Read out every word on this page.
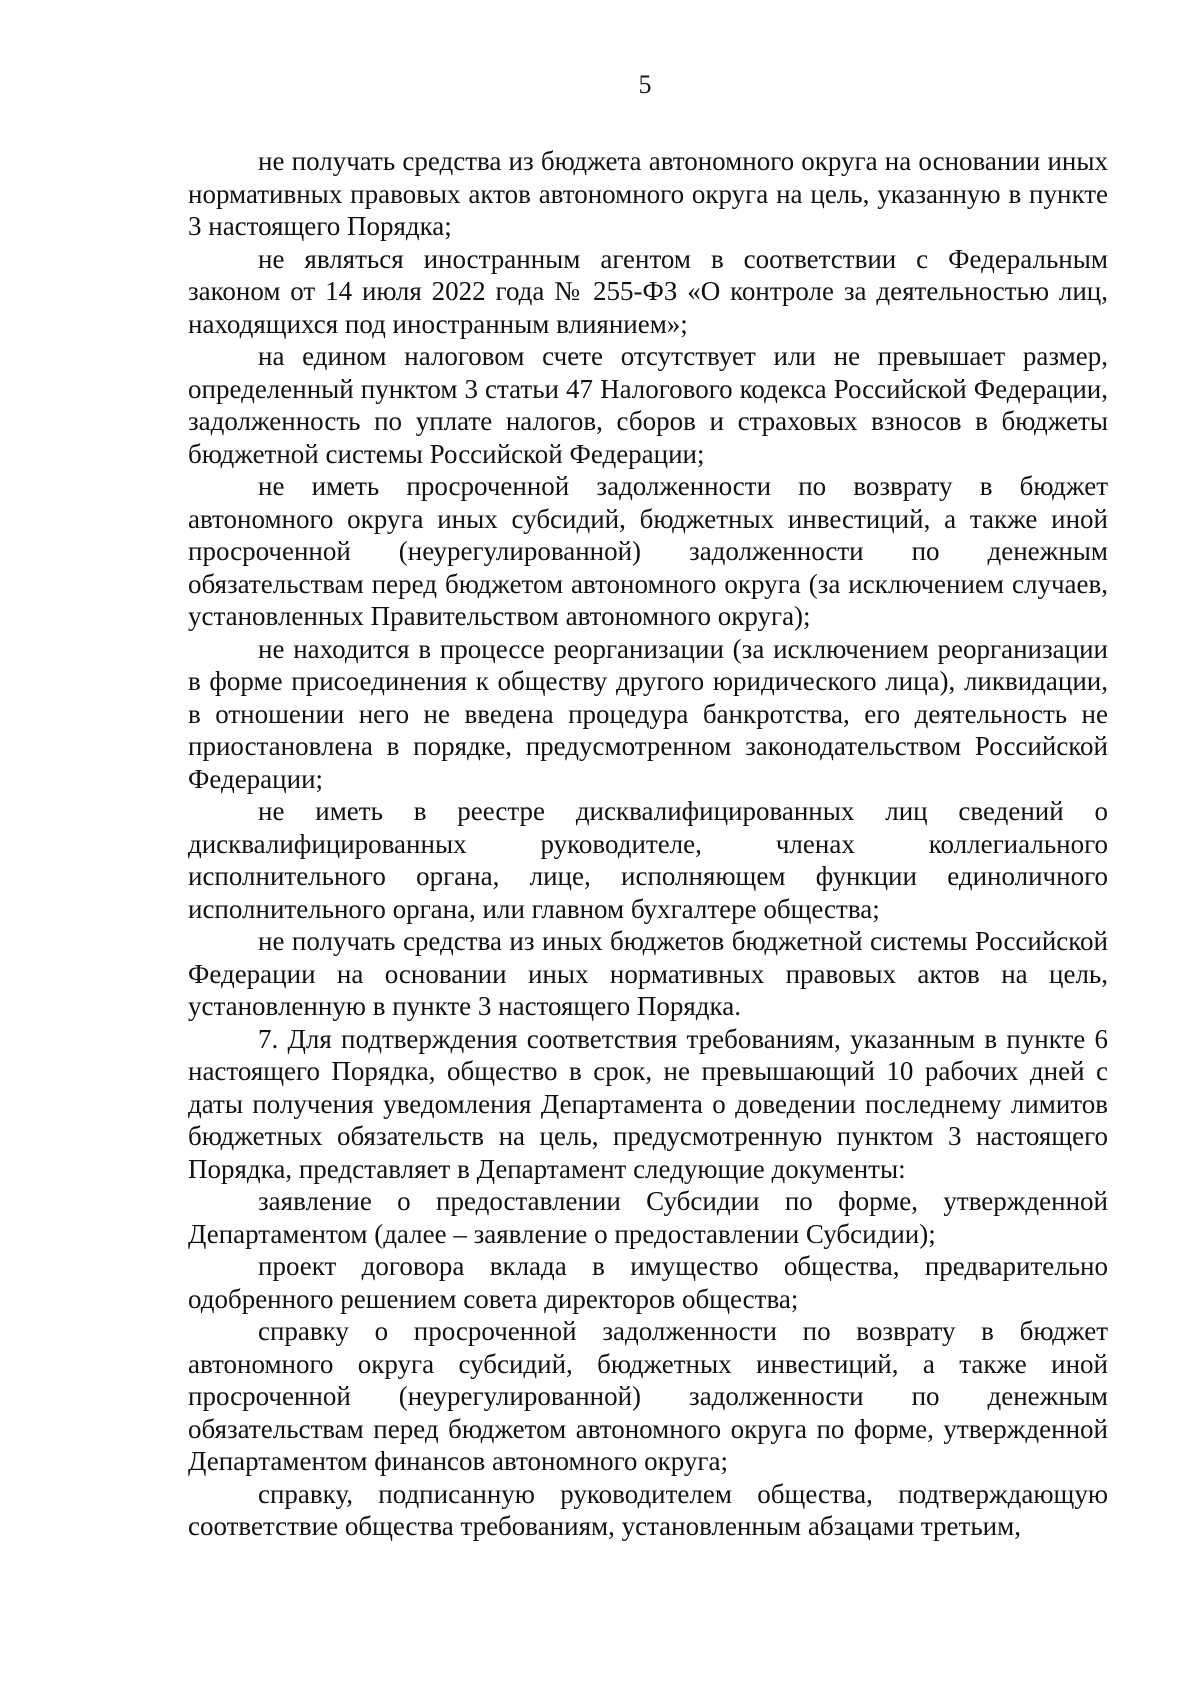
5

не получать средства из бюджета автономного округа на основании иных нормативных правовых актов автономного округа на цель, указанную в пункте 3 настоящего Порядка;

не являться иностранным агентом в соответствии с Федеральным законом от 14 июля 2022 года № 255-ФЗ «О контроле за деятельностью лиц, находящихся под иностранным влиянием»;

на едином налоговом счете отсутствует или не превышает размер, определенный пунктом 3 статьи 47 Налогового кодекса Российской Федерации, задолженность по уплате налогов, сборов и страховых взносов в бюджеты бюджетной системы Российской Федерации;

не иметь просроченной задолженности по возврату в бюджет автономного округа иных субсидий, бюджетных инвестиций, а также иной просроченной (неурегулированной) задолженности по денежным обязательствам перед бюджетом автономного округа (за исключением случаев, установленных Правительством автономного округа);

не находится в процессе реорганизации (за исключением реорганизации в форме присоединения к обществу другого юридического лица), ликвидации, в отношении него не введена процедура банкротства, его деятельность не приостановлена в порядке, предусмотренном законодательством Российской Федерации;

не иметь в реестре дисквалифицированных лиц сведений о дисквалифицированных руководителе, членах коллегиального исполнительного органа, лице, исполняющем функции единоличного исполнительного органа, или главном бухгалтере общества;

не получать средства из иных бюджетов бюджетной системы Российской Федерации на основании иных нормативных правовых актов на цель, установленную в пункте 3 настоящего Порядка.

7. Для подтверждения соответствия требованиям, указанным в пункте 6 настоящего Порядка, общество в срок, не превышающий 10 рабочих дней с даты получения уведомления Департамента о доведении последнему лимитов бюджетных обязательств на цель, предусмотренную пунктом 3 настоящего Порядка, представляет в Департамент следующие документы:

заявление о предоставлении Субсидии по форме, утвержденной Департаментом (далее – заявление о предоставлении Субсидии);

проект договора вклада в имущество общества, предварительно одобренного решением совета директоров общества;

справку о просроченной задолженности по возврату в бюджет автономного округа субсидий, бюджетных инвестиций, а также иной просроченной (неурегулированной) задолженности по денежным обязательствам перед бюджетом автономного округа по форме, утвержденной Департаментом финансов автономного округа;

справку, подписанную руководителем общества, подтверждающую соответствие общества требованиям, установленным абзацами третьим,
